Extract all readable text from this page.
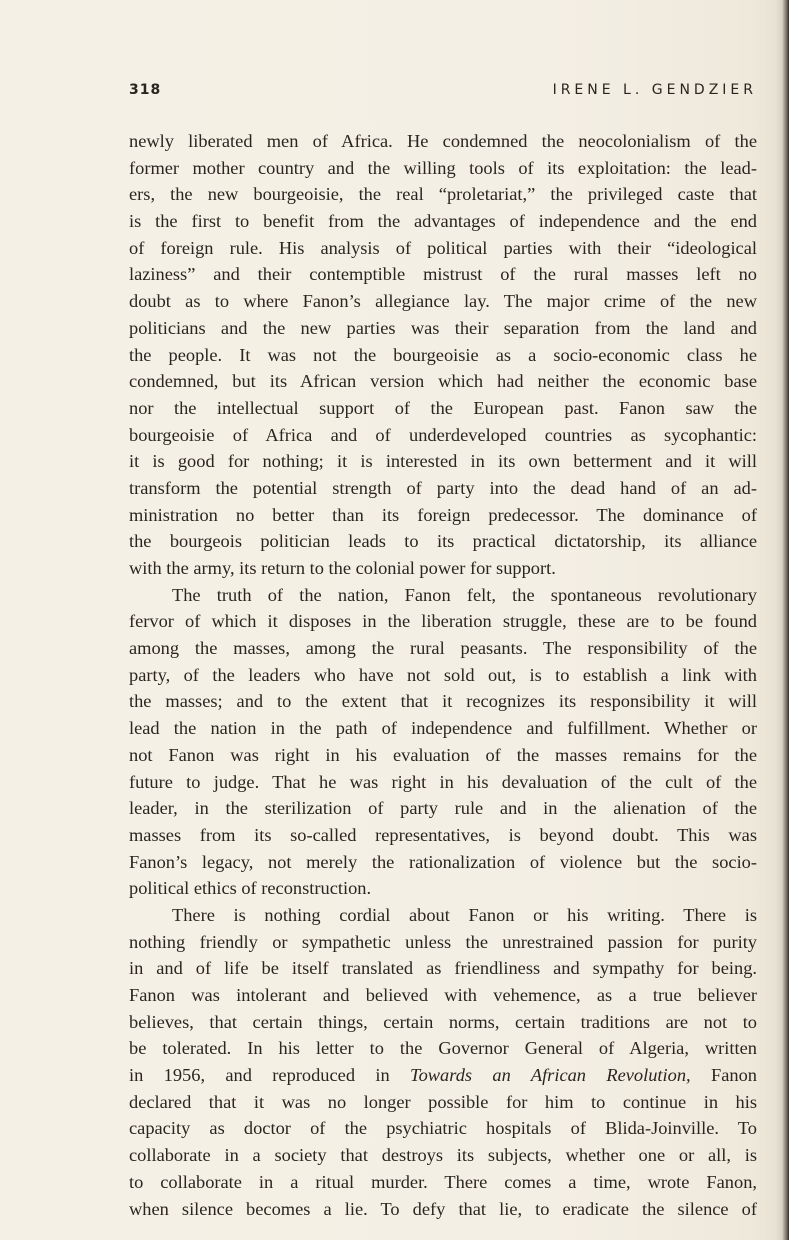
318	IRENE L. GENDZIER
newly liberated men of Africa. He condemned the neocolonialism of the
former mother country and the willing tools of its exploitation: the lead-
ers, the new bourgeoisie, the real “proletariat,” the privileged caste that
is the first to benefit from the advantages of independence and the end
of foreign rule. His analysis of political parties with their “ideological
laziness” and their contemptible mistrust of the rural masses left no
doubt as to where Fanon’s allegiance lay. The major crime of the new
politicians and the new parties was their separation from the land and
the people. It was not the bourgeoisie as a socio-economic class he
condemned, but its African version which had neither the economic base
nor the intellectual support of the European past. Fanon saw the
bourgeoisie of Africa and of underdeveloped countries as sycophantic:
it is good for nothing; it is interested in its own betterment and it will
transform the potential strength of party into the dead hand of an ad-
ministration no better than its foreign predecessor. The dominance of
the bourgeois politician leads to its practical dictatorship, its alliance
with the army, its return to the colonial power for support.
The truth of the nation, Fanon felt, the spontaneous revolutionary
fervor of which it disposes in the liberation struggle, these are to be found
among the masses, among the rural peasants. The responsibility of the
party, of the leaders who have not sold out, is to establish a link with
the masses; and to the extent that it recognizes its responsibility it will
lead the nation in the path of independence and fulfillment. Whether or
not Fanon was right in his evaluation of the masses remains for the
future to judge. That he was right in his devaluation of the cult of the
leader, in the sterilization of party rule and in the alienation of the
masses from its so-called representatives, is beyond doubt. This was
Fanon’s legacy, not merely the rationalization of violence but the socio-
political ethics of reconstruction.
There is nothing cordial about Fanon or his writing. There is
nothing friendly or sympathetic unless the unrestrained passion for purity
in and of life be itself translated as friendliness and sympathy for being.
Fanon was intolerant and believed with vehemence, as a true believer
believes, that certain things, certain norms, certain traditions are not to
be tolerated. In his letter to the Governor General of Algeria, written
in 1956, and reproduced in Towards an African Revolution, Fanon
declared that it was no longer possible for him to continue in his
capacity as doctor of the psychiatric hospitals of Blida-Joinville. To
collaborate in a society that destroys its subjects, whether one or all, is
to collaborate in a ritual murder. There comes a time, wrote Fanon,
when silence becomes a lie. To defy that lie, to eradicate the silence of
